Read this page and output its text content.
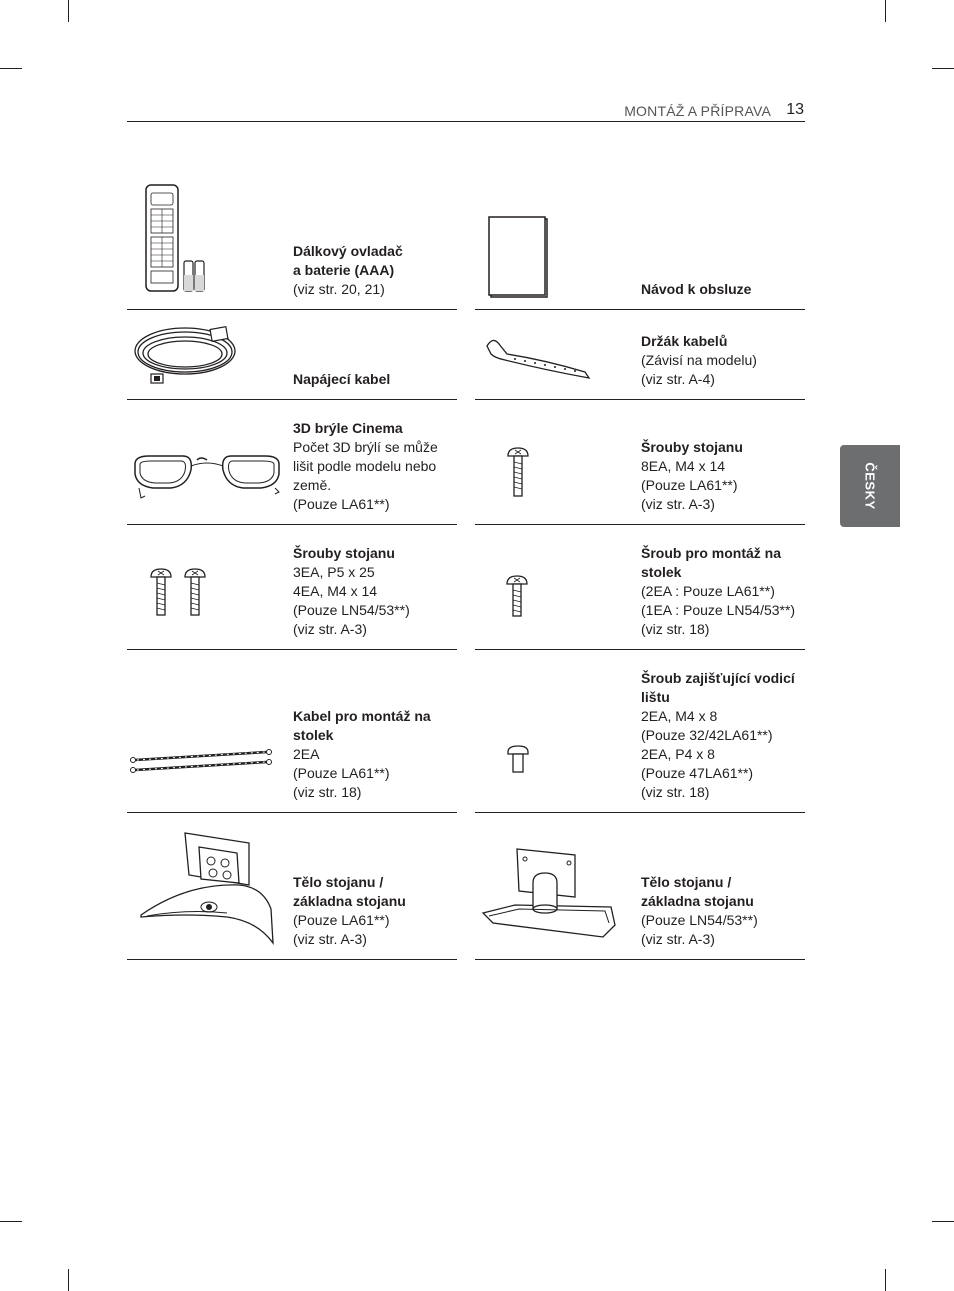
MONTÁŽ A PŘÍPRAVA 13
ČESKY
Dálkový ovladač
a baterie (AAA)
(viz str. 20, 21)
Napájecí kabel
3D brýle Cinema
Počet 3D brýlí se může
lišit podle modelu nebo
země.
(Pouze LA61**)
Šrouby stojanu
3EA, P5 x 25
4EA, M4 x 14
(Pouze LN54/53**)
(viz str. A-3)
Kabel pro montáž na
stolek
2EA
(Pouze LA61**)
(viz str. 18)
Tělo stojanu /
základna stojanu
(Pouze LA61**)
(viz str. A-3)
Návod k obsluze
Držák kabelů
(Závisí na modelu)
(viz str. A-4)
Šrouby stojanu
8EA, M4 x 14
(Pouze LA61**)
(viz str. A-3)
Šroub pro montáž na
stolek
(2EA : Pouze LA61**)
(1EA : Pouze LN54/53**)
(viz str. 18)
Šroub zajišťující vodicí
lištu
2EA, M4 x 8
(Pouze 32/42LA61**)
2EA, P4 x 8
(Pouze 47LA61**)
(viz str. 18)
Tělo stojanu /
základna stojanu
(Pouze LN54/53**)
(viz str. A-3)
